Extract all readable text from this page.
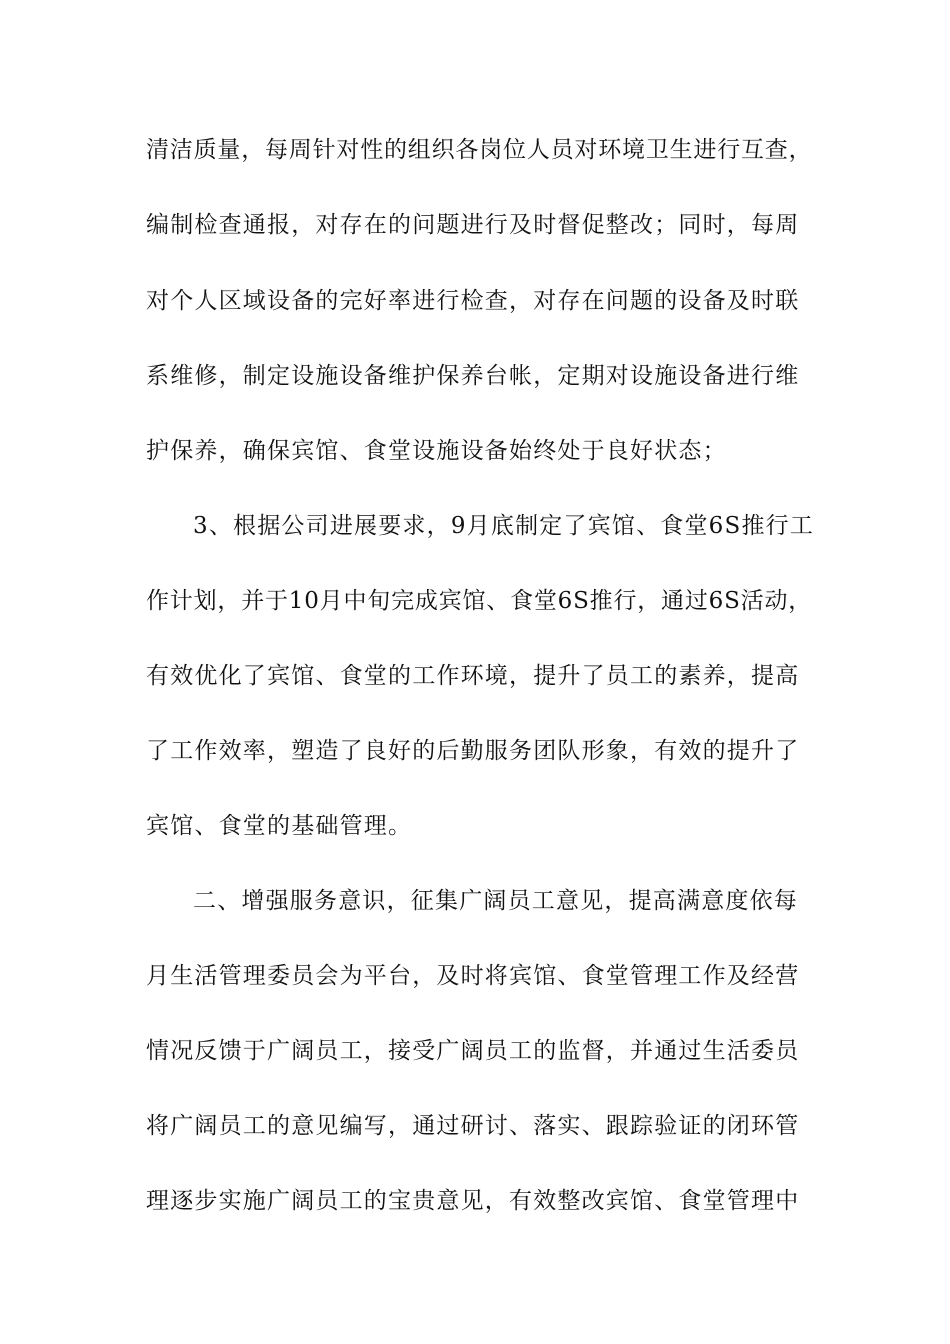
清洁质量，每周针对性的组织各岗位人员对环境卫生进行互查，
编制检查通报，对存在的问题进行及时督促整改；同时，每周
对个人区域设备的完好率进行检查，对存在问题的设备及时联
系维修，制定设施设备维护保养台帐，定期对设施设备进行维
护保养，确保宾馆、食堂设施设备始终处于良好状态；
3、根据公司进展要求，9月底制定了宾馆、食堂6S推行工
作计划，并于10月中旬完成宾馆、食堂6S推行，通过6S活动，
有效优化了宾馆、食堂的工作环境，提升了员工的素养，提高
了工作效率，塑造了良好的后勤服务团队形象，有效的提升了
宾馆、食堂的基础管理。
二、增强服务意识，征集广阔员工意见，提高满意度依每
月生活管理委员会为平台，及时将宾馆、食堂管理工作及经营
情况反馈于广阔员工，接受广阔员工的监督，并通过生活委员
将广阔员工的意见编写，通过研讨、落实、跟踪验证的闭环管
理逐步实施广阔员工的宝贵意见，有效整改宾馆、食堂管理中
